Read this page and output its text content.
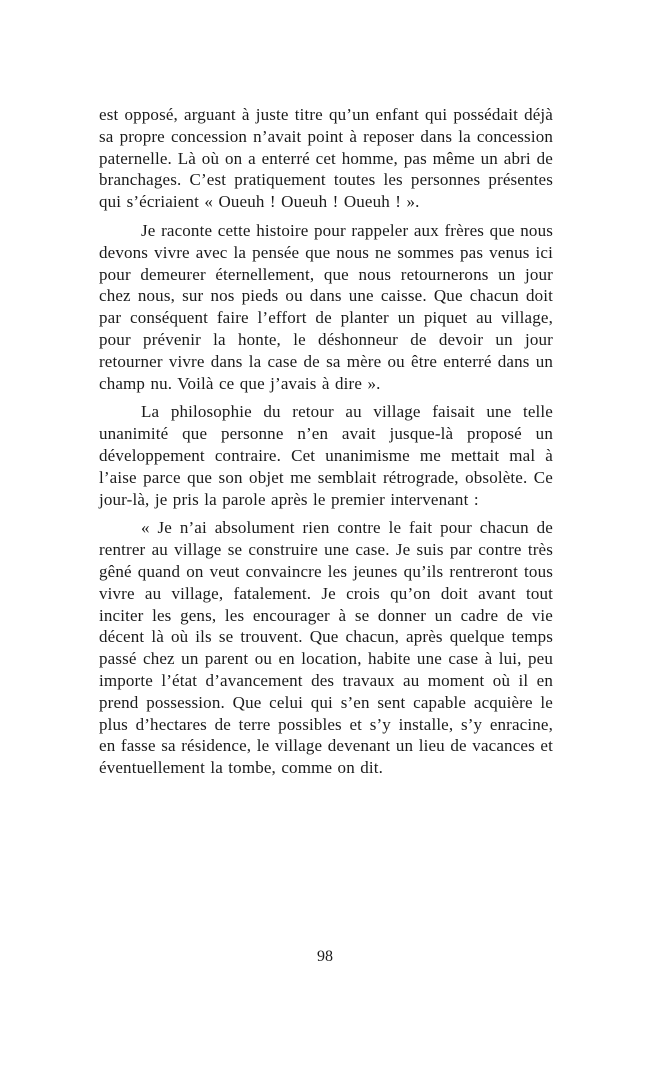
est opposé, arguant à juste titre qu’un enfant qui possédait déjà sa propre concession n’avait point à reposer dans la concession paternelle. Là où on a enterré cet homme, pas même un abri de branchages. C’est pratiquement toutes les personnes présentes qui s’écriaient « Oueuh ! Oueuh ! Oueuh ! ».

Je raconte cette histoire pour rappeler aux frères que nous devons vivre avec la pensée que nous ne sommes pas venus ici pour demeurer éternellement, que nous retournerons un jour chez nous, sur nos pieds ou dans une caisse. Que chacun doit par conséquent faire l’effort de planter un piquet au village, pour prévenir la honte, le déshonneur de devoir un jour retourner vivre dans la case de sa mère ou être enterré dans un champ nu. Voilà ce que j’avais à dire ».

La philosophie du retour au village faisait une telle unanimité que personne n’en avait jusque-là proposé un développement contraire. Cet unanimisme me mettait mal à l’aise parce que son objet me semblait rétrograde, obsolète. Ce jour-là, je pris la parole après le premier intervenant :

« Je n’ai absolument rien contre le fait pour chacun de rentrer au village se construire une case. Je suis par contre très gêné quand on veut convaincre les jeunes qu’ils rentreront tous vivre au village, fatalement. Je crois qu’on doit avant tout inciter les gens, les encourager à se donner un cadre de vie décent là où ils se trouvent. Que chacun, après quelque temps passé chez un parent ou en location, habite une case à lui, peu importe l’état d’avancement des travaux au moment où il en prend possession. Que celui qui s’en sent capable acquière le plus d’hectares de terre possibles et s’y installe, s’y enracine, en fasse sa résidence, le village devenant un lieu de vacances et éventuellement la tombe, comme on dit.

98
